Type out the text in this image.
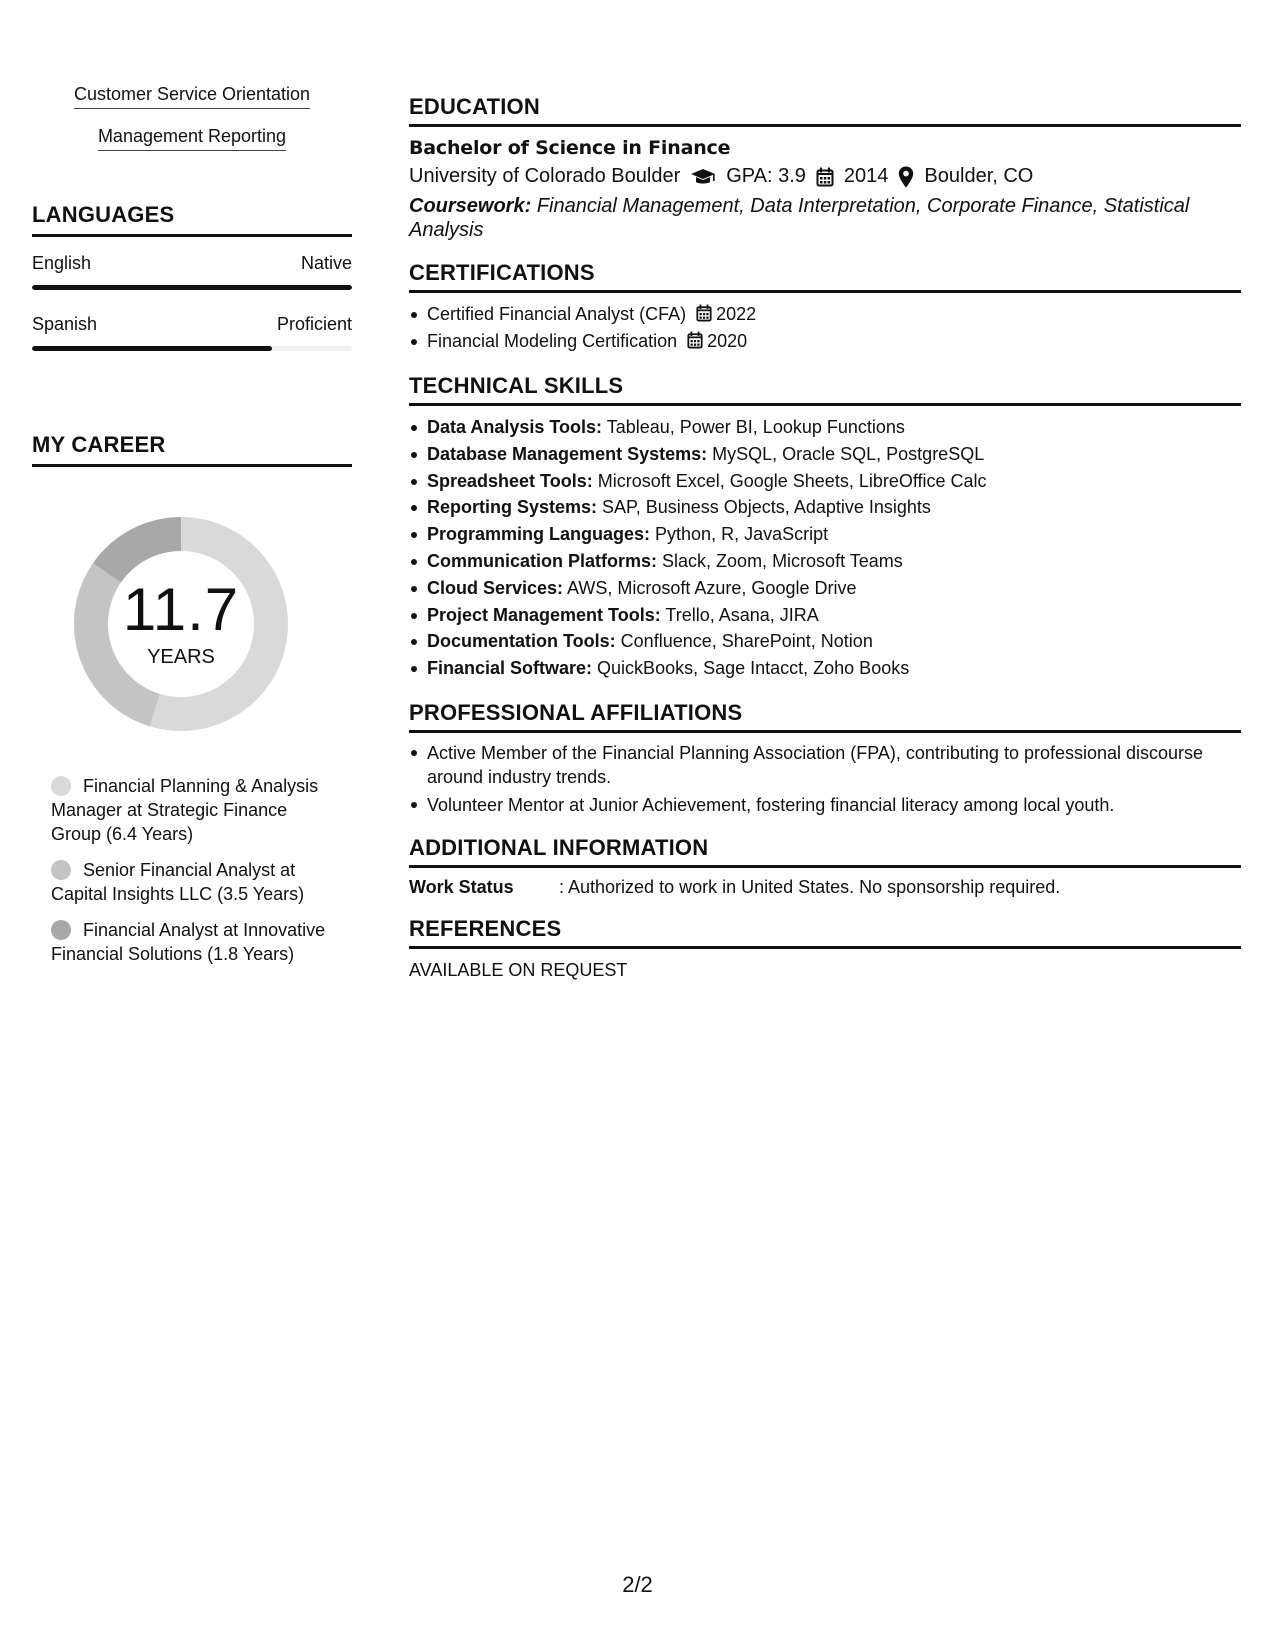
Customer Service Orientation
Management Reporting
LANGUAGES
English	Native
Spanish	Proficient
MY CAREER
11.7
YEARS
Financial Planning & Analysis Manager at Strategic Finance Group (6.4 Years)
Senior Financial Analyst at Capital Insights LLC (3.5 Years)
Financial Analyst at Innovative Financial Solutions (1.8 Years)
EDUCATION
Bachelor of Science in Finance
University of Colorado Boulder GPA: 3.9 2014 Boulder, CO
Coursework: Financial Management, Data Interpretation, Corporate Finance, Statistical Analysis
CERTIFICATIONS
Certified Financial Analyst (CFA) 2022
Financial Modeling Certification 2020
TECHNICAL SKILLS
Data Analysis Tools: Tableau, Power BI, Lookup Functions
Database Management Systems: MySQL, Oracle SQL, PostgreSQL
Spreadsheet Tools: Microsoft Excel, Google Sheets, LibreOffice Calc
Reporting Systems: SAP, Business Objects, Adaptive Insights
Programming Languages: Python, R, JavaScript
Communication Platforms: Slack, Zoom, Microsoft Teams
Cloud Services: AWS, Microsoft Azure, Google Drive
Project Management Tools: Trello, Asana, JIRA
Documentation Tools: Confluence, SharePoint, Notion
Financial Software: QuickBooks, Sage Intacct, Zoho Books
PROFESSIONAL AFFILIATIONS
Active Member of the Financial Planning Association (FPA), contributing to professional discourse around industry trends.
Volunteer Mentor at Junior Achievement, fostering financial literacy among local youth.
ADDITIONAL INFORMATION
Work Status	: Authorized to work in United States. No sponsorship required.
REFERENCES
AVAILABLE ON REQUEST
2/2
